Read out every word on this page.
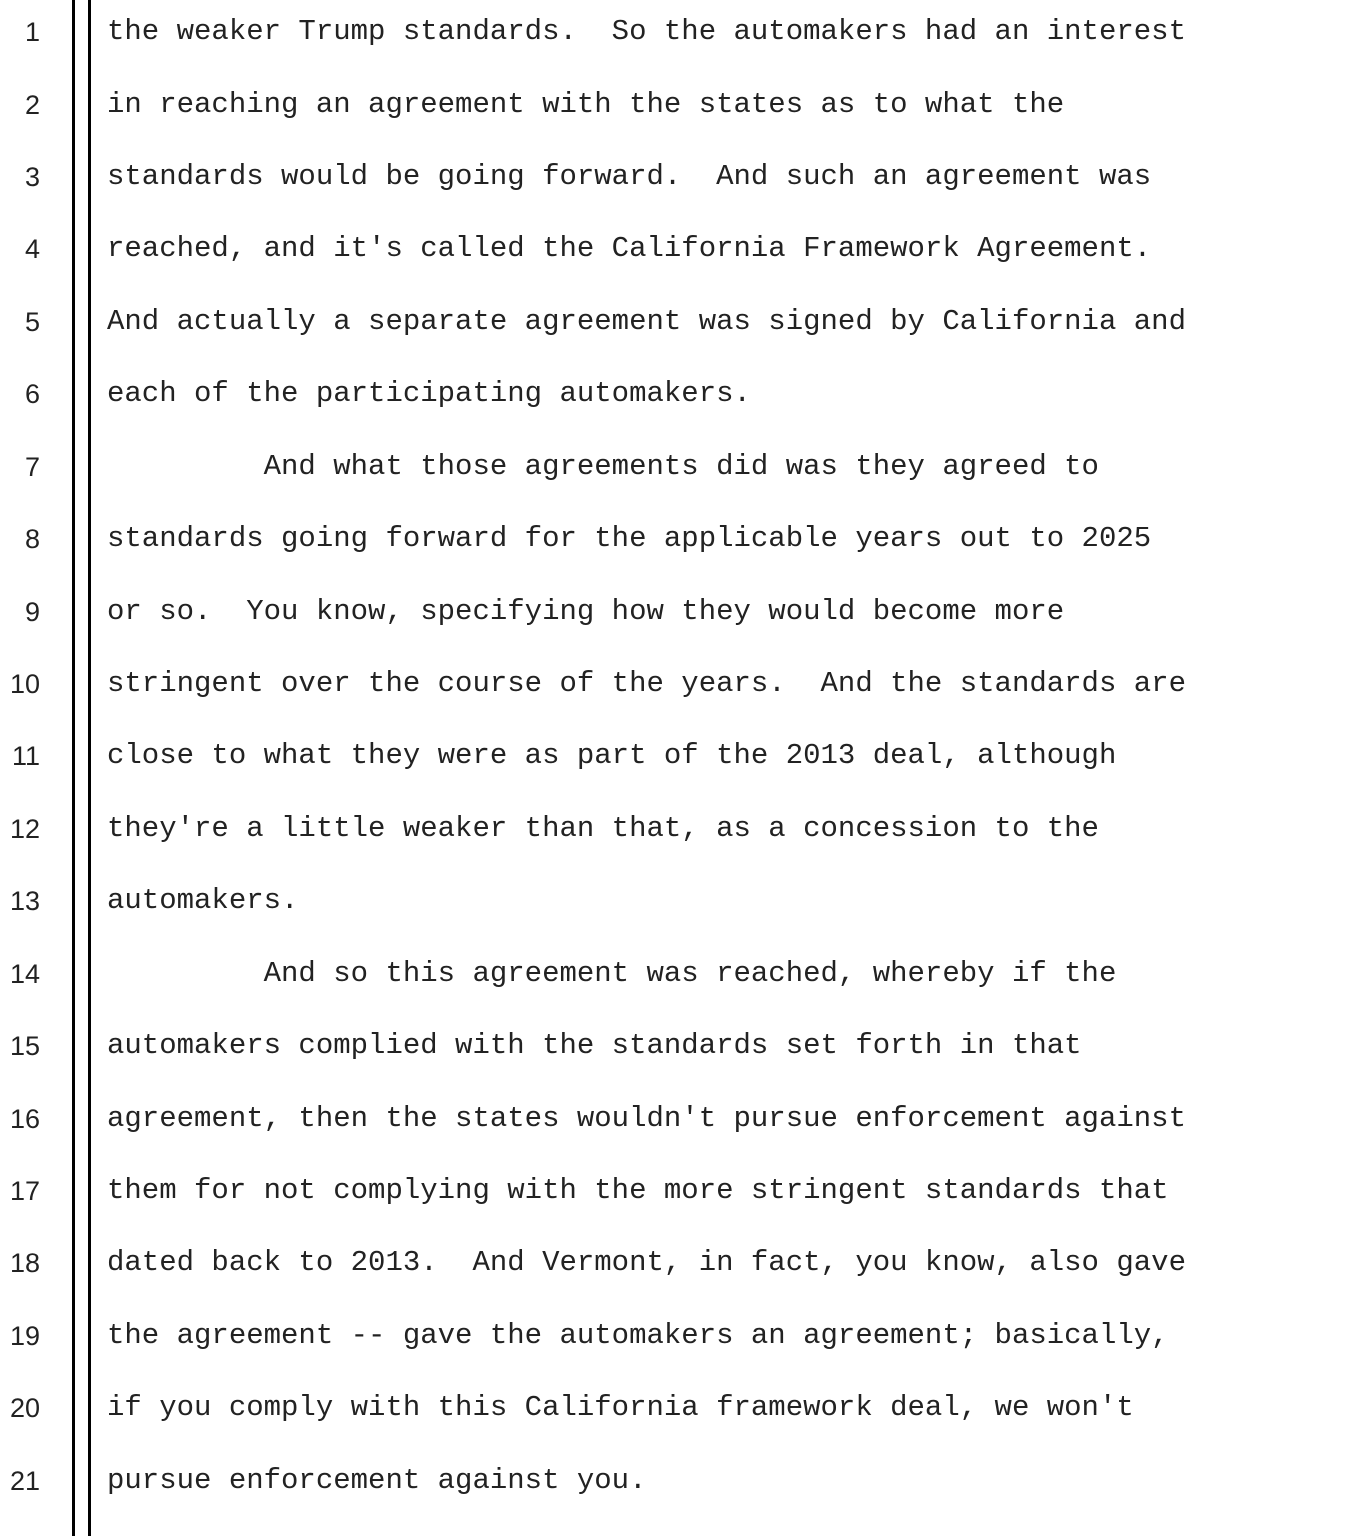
1 the weaker Trump standards.  So the automakers had an interest
2 in reaching an agreement with the states as to what the
3 standards would be going forward.  And such an agreement was
4 reached, and it's called the California Framework Agreement.
5 And actually a separate agreement was signed by California and
6 each of the participating automakers.
7 And what those agreements did was they agreed to
8 standards going forward for the applicable years out to 2025
9 or so.  You know, specifying how they would become more
10 stringent over the course of the years.  And the standards are
11 close to what they were as part of the 2013 deal, although
12 they're a little weaker than that, as a concession to the
13 automakers.
14 And so this agreement was reached, whereby if the
15 automakers complied with the standards set forth in that
16 agreement, then the states wouldn't pursue enforcement against
17 them for not complying with the more stringent standards that
18 dated back to 2013.  And Vermont, in fact, you know, also gave
19 the agreement -- gave the automakers an agreement; basically,
20 if you comply with this California framework deal, we won't
21 pursue enforcement against you.
